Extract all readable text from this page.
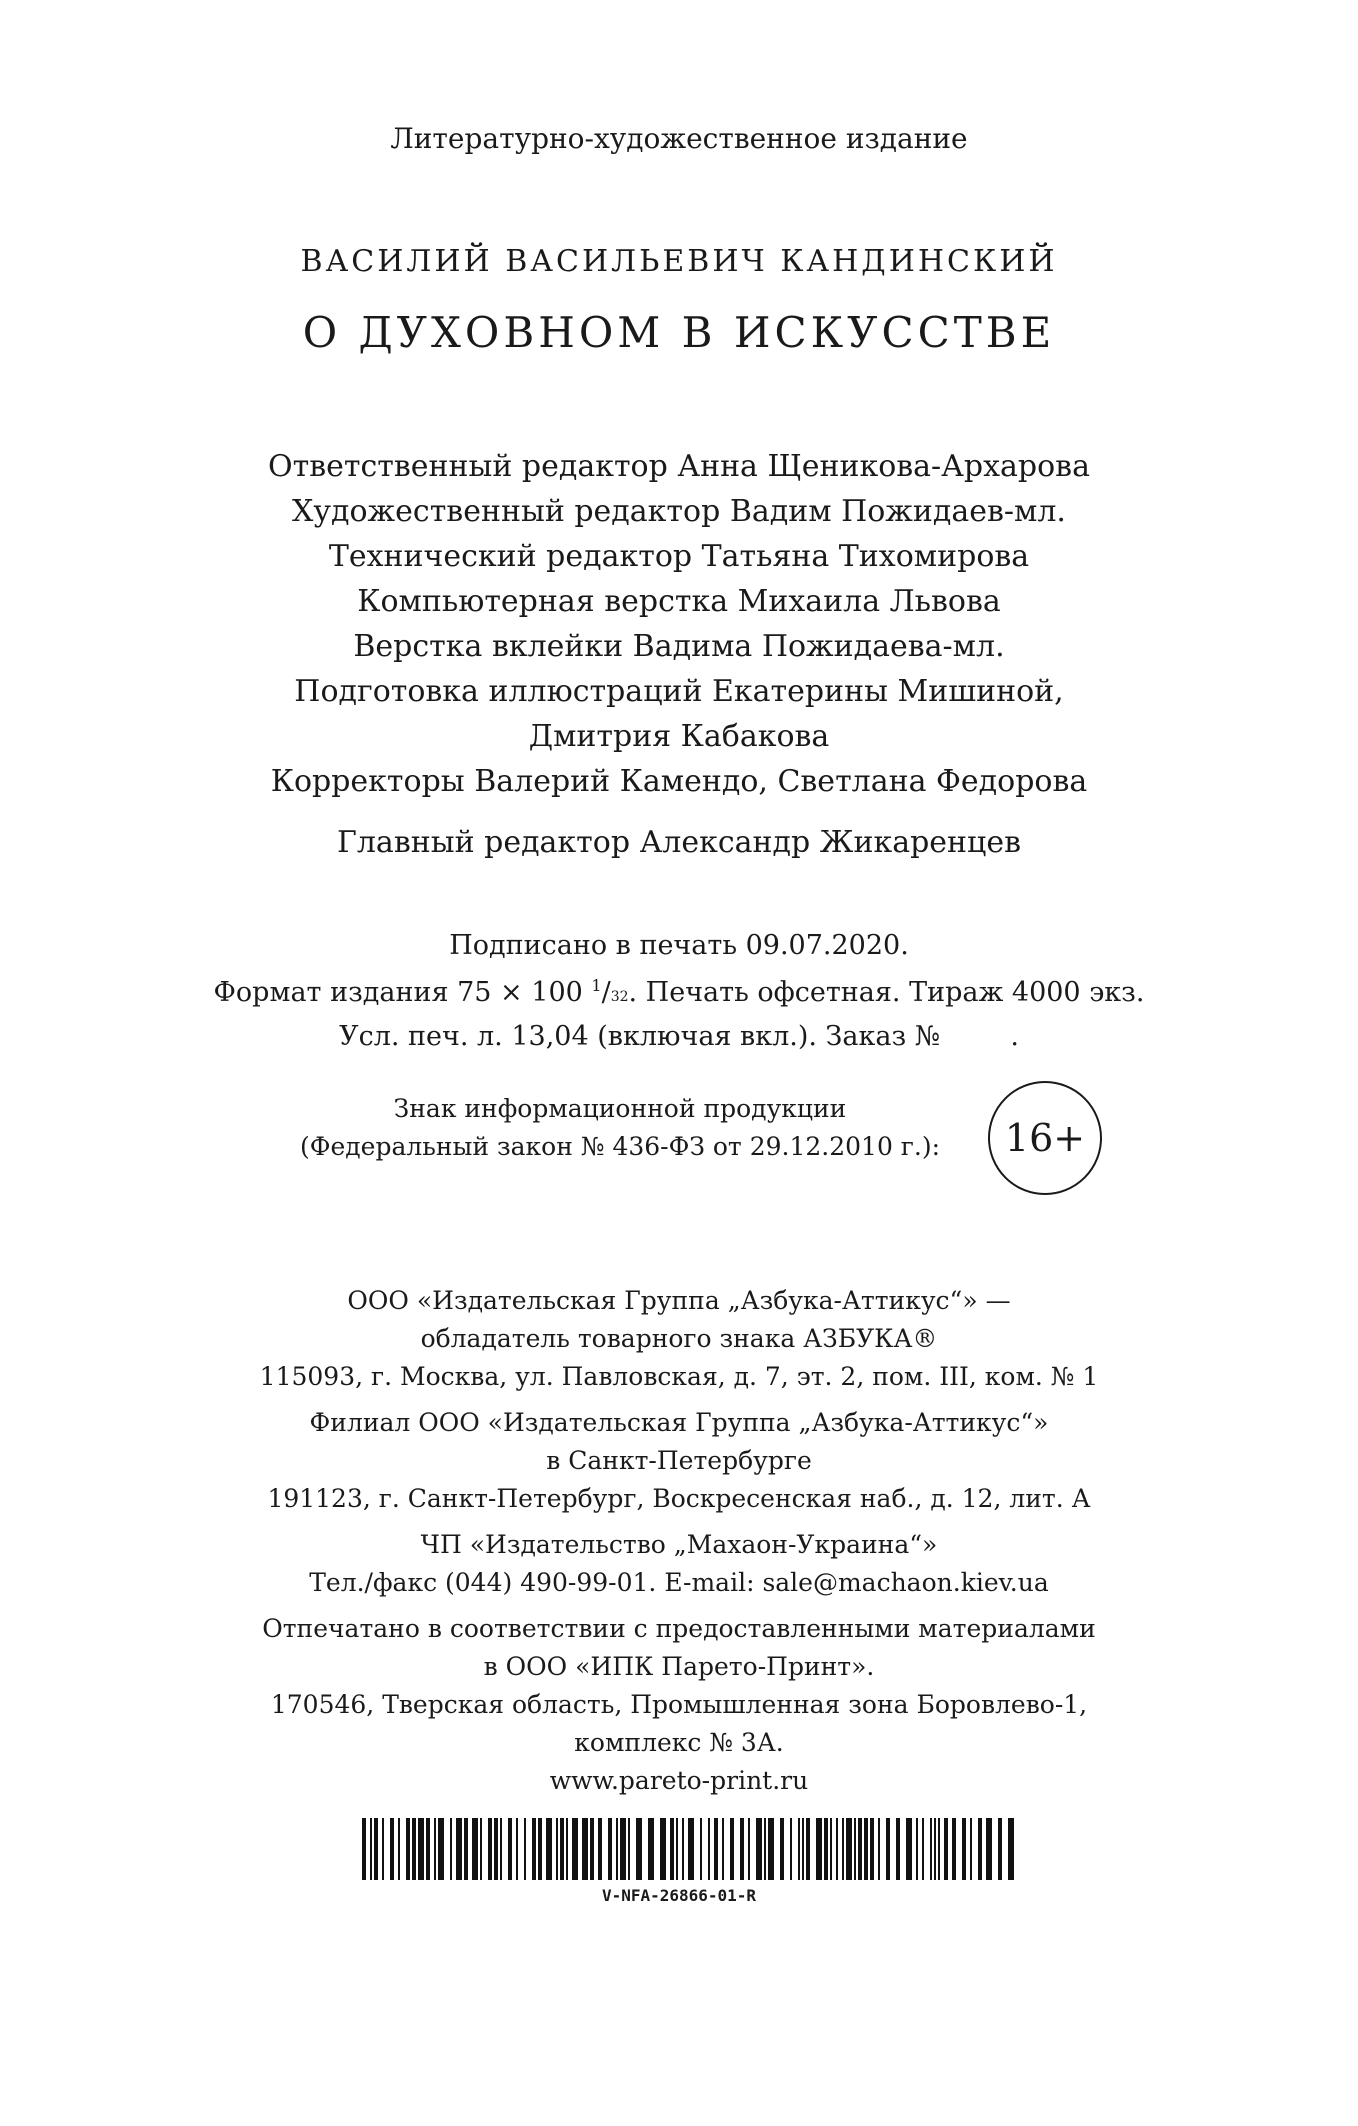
Литературно-художественное издание
ВАСИЛИЙ ВАСИЛЬЕВИЧ КАНДИНСКИЙ
О ДУХОВНОМ В ИСКУССТВЕ
Ответственный редактор Анна Щеникова-Архарова
Художественный редактор Вадим Пожидаев-мл.
Технический редактор Татьяна Тихомирова
Компьютерная верстка Михаила Львова
Верстка вклейки Вадима Пожидаева-мл.
Подготовка иллюстраций Екатерины Мишиной,
Дмитрия Кабакова
Корректоры Валерий Камендо, Светлана Федорова
Главный редактор Александр Жикаренцев
Подписано в печать 09.07.2020.
Формат издания 75 × 100 $^1$/32. Печать офсетная. Тираж 4000 экз.
Усл. печ. л. 13,04 (включая вкл.). Заказ №	.
Знак информационной продукции
(Федеральный закон № 436-ФЗ от 29.12.2010 г.):	16+
ООО «Издательская Группа „Азбука-Аттикус“» —
обладатель товарного знака АЗБУКА®
115093, г. Москва, ул. Павловская, д. 7, эт. 2, пом. III, ком. № 1
Филиал ООО «Издательская Группа „Азбука-Аттикус“»
в Санкт-Петербурге
191123, г. Санкт-Петербург, Воскресенская наб., д. 12, лит. А
ЧП «Издательство „Махаон-Украина“»
Тел./факс (044) 490-99-01. E-mail: sale@machaon.kiev.ua
Отпечатано в соответствии с предоставленными материалами
в ООО «ИПК Парето-Принт».
170546, Тверская область, Промышленная зона Боровлево-1,
комплекс № 3А.
www.pareto-print.ru
V-NFA-26866-01-R
